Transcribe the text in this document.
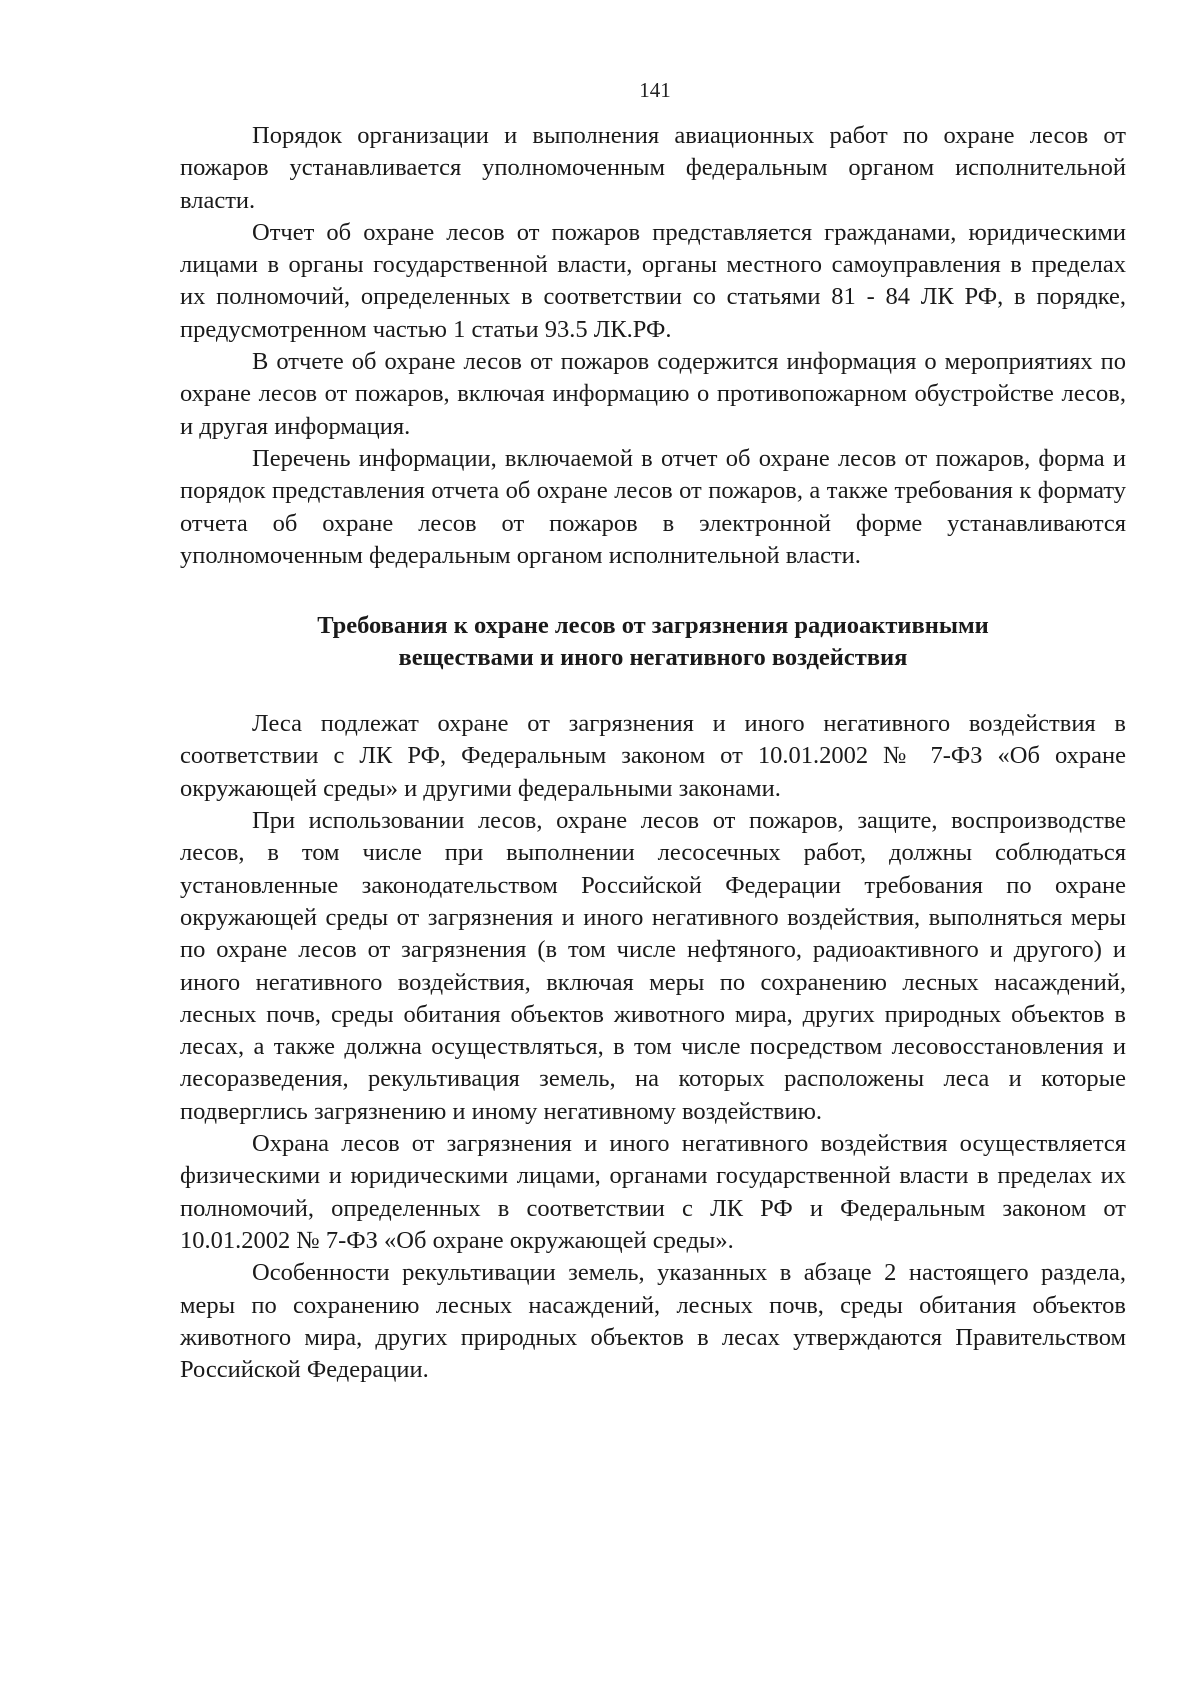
141

Порядок организации и выполнения авиационных работ по охране лесов от пожаров устанавливается уполномоченным федеральным органом исполнительной власти.

Отчет об охране лесов от пожаров представляется гражданами, юридическими лицами в органы государственной власти, органы местного самоуправления в пределах их полномочий, определенных в соответствии со статьями 81 - 84 ЛК РФ, в порядке, предусмотренном частью 1 статьи 93.5 ЛК.РФ.

В отчете об охране лесов от пожаров содержится информация о мероприятиях по охране лесов от пожаров, включая информацию о противопожарном обустройстве лесов, и другая информация.

Перечень информации, включаемой в отчет об охране лесов от пожаров, форма и порядок представления отчета об охране лесов от пожаров, а также требования к формату отчета об охране лесов от пожаров в электронной форме устанавливаются уполномоченным федеральным органом исполнительной власти.

Требования к охране лесов от загрязнения радиоактивными
веществами и иного негативного воздействия

Леса подлежат охране от загрязнения и иного негативного воздействия в соответствии с ЛК РФ, Федеральным законом от 10.01.2002 № 7-ФЗ «Об охране окружающей среды» и другими федеральными законами.

При использовании лесов, охране лесов от пожаров, защите, воспроизводстве лесов, в том числе при выполнении лесосечных работ, должны соблюдаться установленные законодательством Российской Федерации требования по охране окружающей среды от загрязнения и иного негативного воздействия, выполняться меры по охране лесов от загрязнения (в том числе нефтяного, радиоактивного и другого) и иного негативного воздействия, включая меры по сохранению лесных насаждений, лесных почв, среды обитания объектов животного мира, других природных объектов в лесах, а также должна осуществляться, в том числе посредством лесовосстановления и лесоразведения, рекультивация земель, на которых расположены леса и которые подверглись загрязнению и иному негативному воздействию.

Охрана лесов от загрязнения и иного негативного воздействия осуществляется физическими и юридическими лицами, органами государственной власти в пределах их полномочий, определенных в соответствии с ЛК РФ и Федеральным законом от 10.01.2002 № 7-ФЗ «Об охране окружающей среды».

Особенности рекультивации земель, указанных в абзаце 2 настоящего раздела, меры по сохранению лесных насаждений, лесных почв, среды обитания объектов животного мира, других природных объектов в лесах утверждаются Правительством Российской Федерации.
